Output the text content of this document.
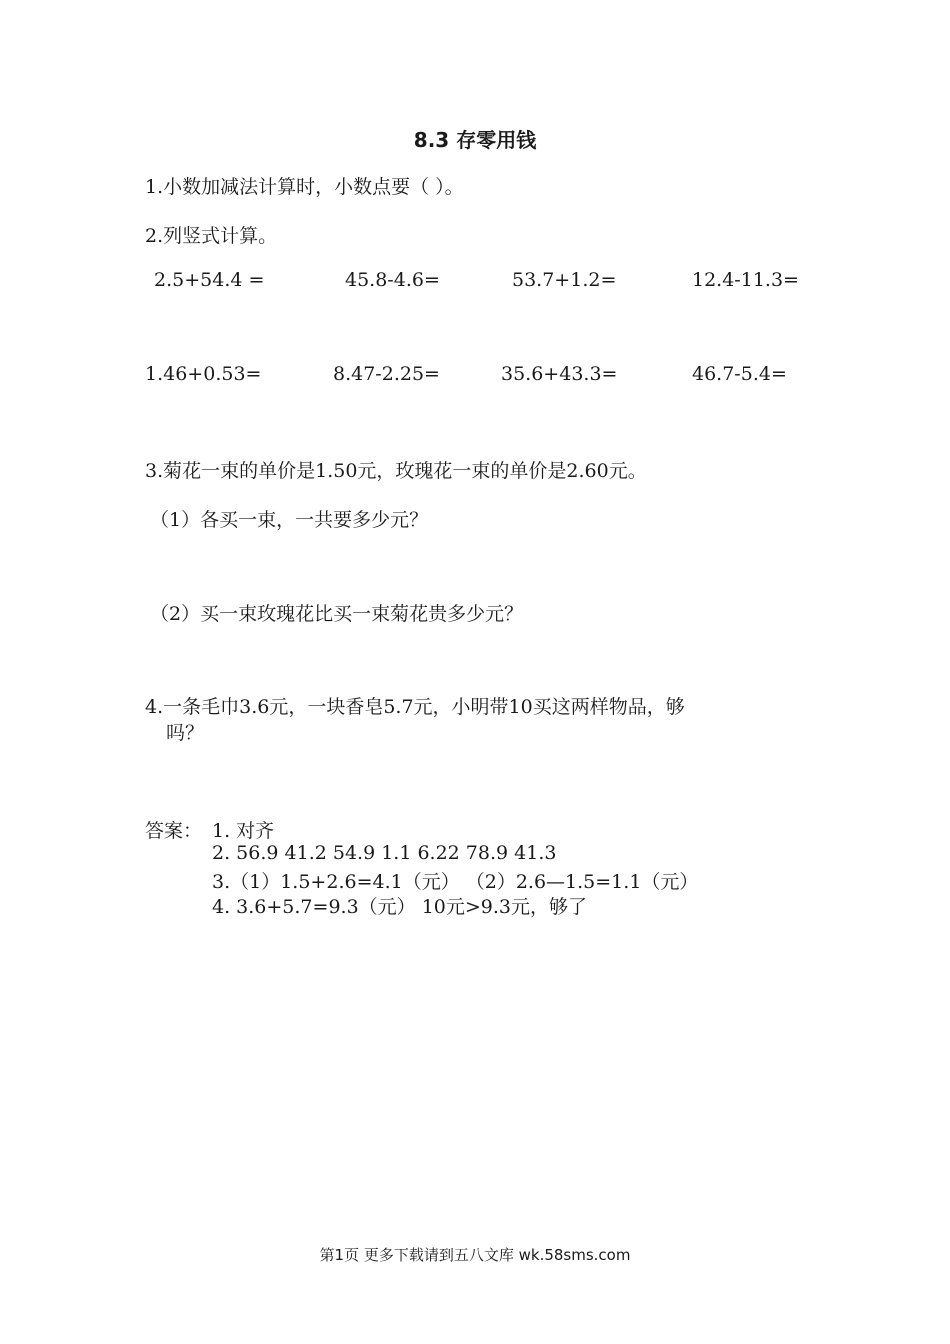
8.3 存零用钱
1.小数加减法计算时，小数点要（ ）。
2.列竖式计算。
2.5+54.4 =	45.8-4.6=	53.7+1.2=	12.4-11.3=
1.46+0.53=	8.47-2.25=	35.6+43.3=	46.7-5.4=
3.菊花一束的单价是1.50元，玫瑰花一束的单价是2.60元。
（1）各买一束，一共要多少元？
（2）买一束玫瑰花比买一束菊花贵多少元？
4.一条毛巾3.6元，一块香皂5.7元，小明带10买这两样物品，够
吗？
答案： 1. 对齐
2. 56.9 41.2 54.9 1.1 6.22 78.9 41.3
3.（1）1.5+2.6=4.1（元） （2）2.6—1.5=1.1（元）
4. 3.6+5.7=9.3（元） 10元>9.3元，够了
第1页 更多下载请到五八文库 wk.58sms.com
